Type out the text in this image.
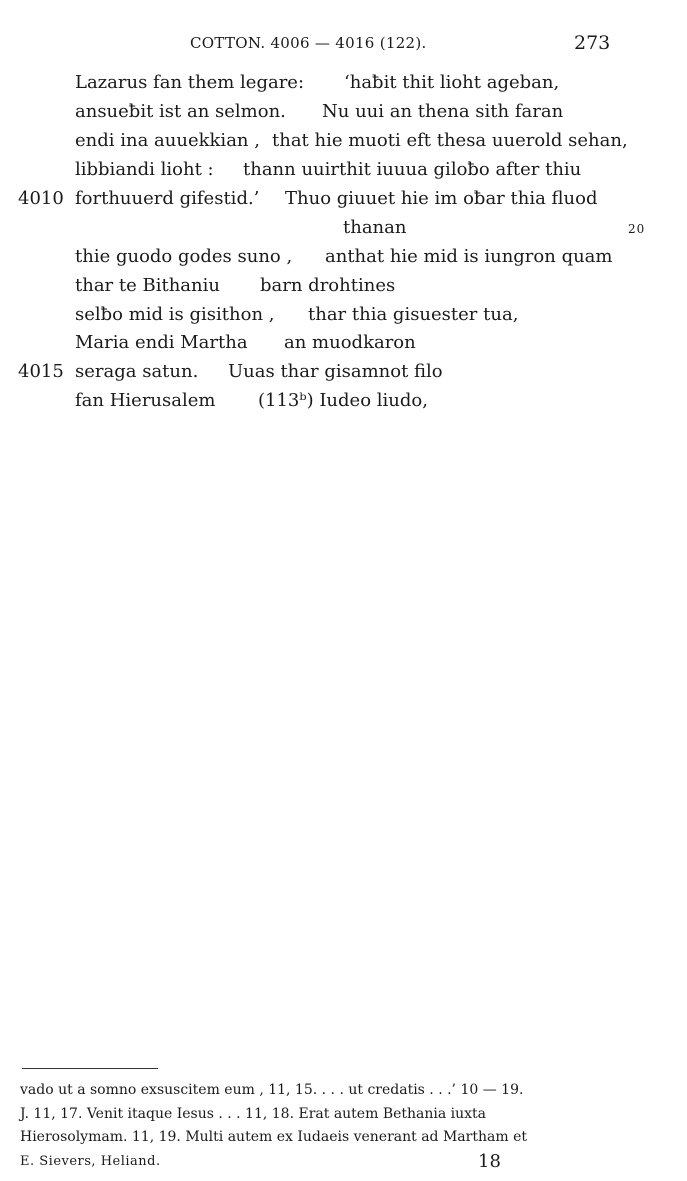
COTTON. 4006 — 4016 (122).	273
Lazarus fan them legare: ‘haƀit thit lioht ageban,
ansueƀit ist an selmon. Nu uui an thena sith faran
endi ina auuekkian , that hie muoti eft thesa uuerold sehan,
libbiandi lioht : thann uuirthit iuuua giloƀo after thiu
4010 forthuuerd gifestid.’ Thuo giuuet hie im oƀar thia fluod
thanan	20
thie guodo godes suno , anthat hie mid is iungron quam
thar te Bithaniu barn drohtines
selƀo mid is gisithon , thar thia gisuester tua,
Maria endi Martha an muodkaron
4015 seraga satun. Uuas thar gisamnot filo
fan Hierusalem (113ᵇ) Iudeo liudo,
vado ut a somno exsuscitem eum , 11, 15. . . . ut credatis . . .’ 10 — 19.
J. 11, 17. Venit itaque Iesus . . . 11, 18. Erat autem Bethania iuxta
Hierosolymam. 11, 19. Multi autem ex Iudaeis venerant ad Martham et
E. Sievers, Heliand.	18
